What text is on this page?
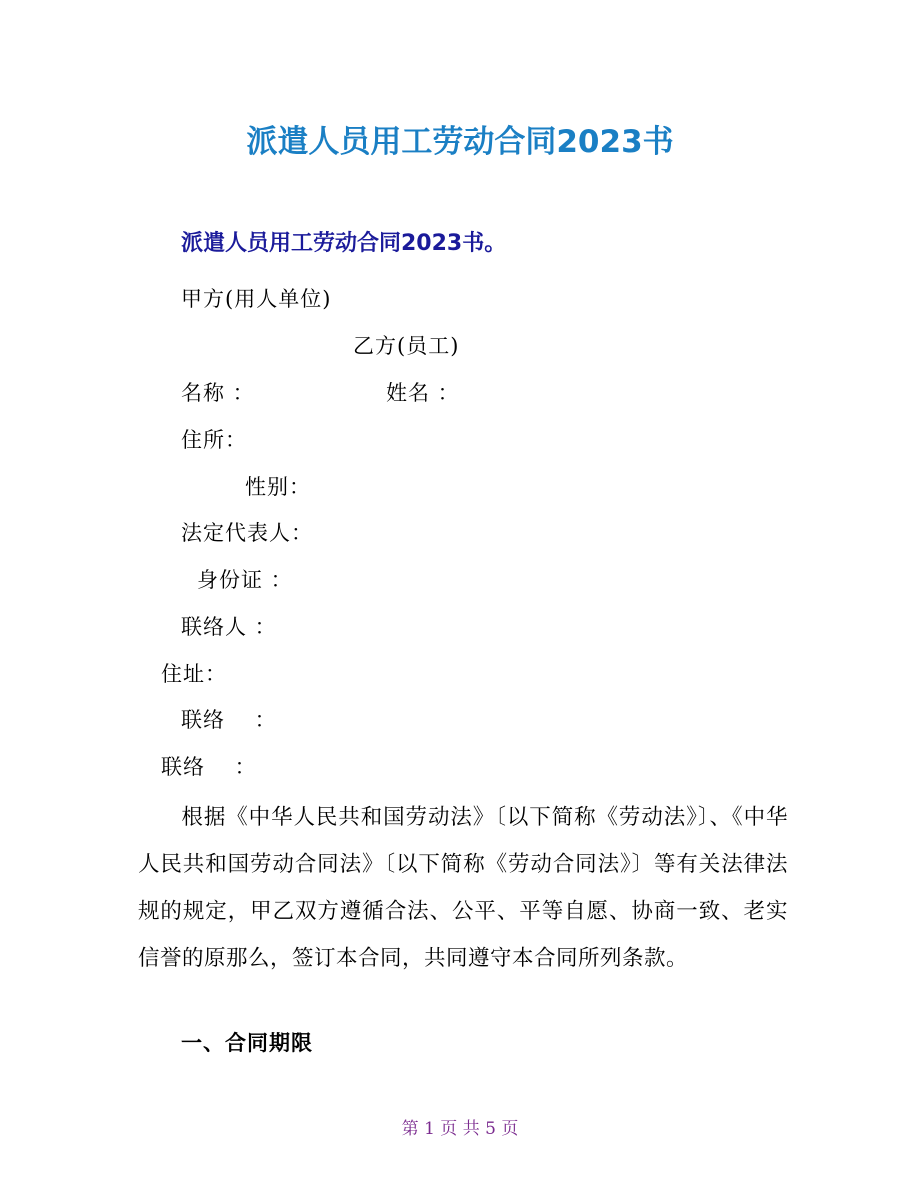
派遣人员用工劳动合同2023书
派遣人员用工劳动合同2023书。
甲方(用人单位)
乙方(员工)
名称 ：	姓名 ：
住所：
性别：
法定代表人：
身份证 ：
联络人 ：
住址：
联络　 ：
联络　 ：
根据《中华人民共和国劳动法》〔以下简称《劳动法》〕、《中华人民共和国劳动合同法》〔以下简称《劳动合同法》〕等有关法律法规的规定，甲乙双方遵循合法、公平、平等自愿、协商一致、老实信誉的原那么，签订本合同，共同遵守本合同所列条款。
一、合同期限
第 1 页 共 5 页
